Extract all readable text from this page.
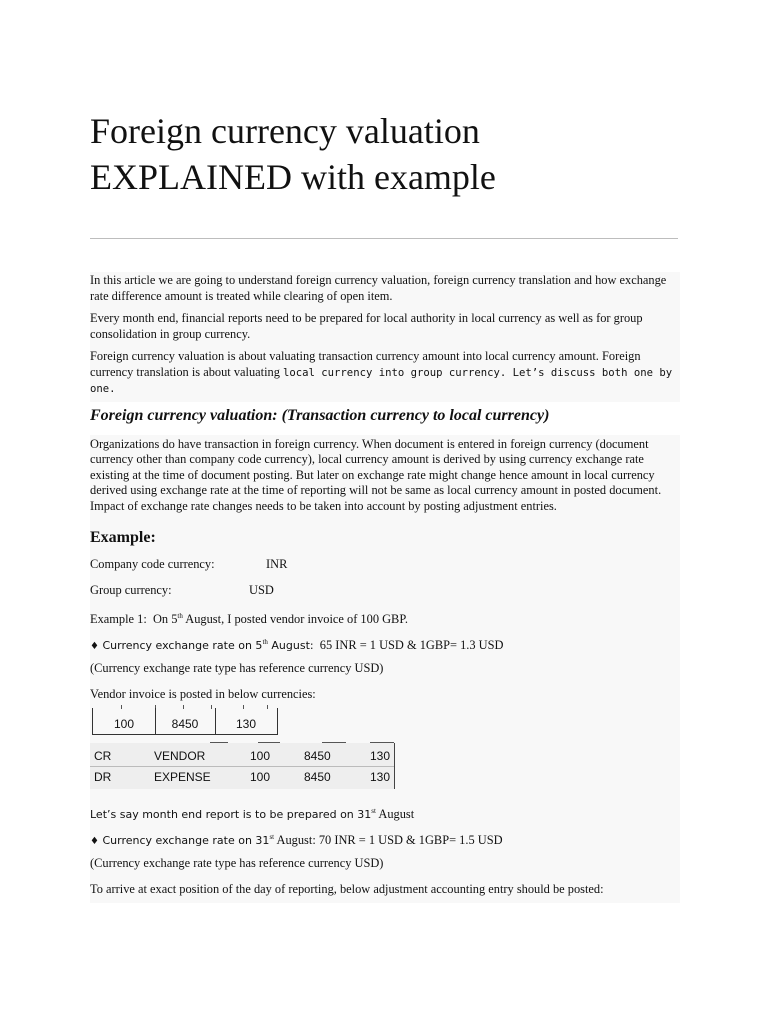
Foreign currency valuation
EXPLAINED with example

In this article we are going to understand foreign currency valuation, foreign currency translation and how exchange rate difference amount is treated while clearing of open item.

Every month end, financial reports need to be prepared for local authority in local currency as well as for group consolidation in group currency.

Foreign currency valuation is about valuating transaction currency amount into local currency amount. Foreign currency translation is about valuating local currency into group currency. Let’s discuss both one by one.

Foreign currency valuation: (Transaction currency to local currency)

Organizations do have transaction in foreign currency. When document is entered in foreign currency (document currency other than company code currency), local currency amount is derived by using currency exchange rate existing at the time of document posting. But later on exchange rate might change hence amount in local currency derived using exchange rate at the time of reporting will not be same as local currency amount in posted document. Impact of exchange rate changes needs to be taken into account by posting adjustment entries.

Example:

Company code currency:	INR

Group currency:	USD

Example 1:  On 5th August, I posted vendor invoice of 100 GBP.

♦ Currency exchange rate on 5th August:  65 INR = 1 USD & 1GBP= 1.3 USD

(Currency exchange rate type has reference currency USD)

Vendor invoice is posted in below currencies:

100	8450	130
CR	VENDOR	100	8450	130
DR	EXPENSE	100	8450	130

Let’s say month end report is to be prepared on 31st August

♦ Currency exchange rate on 31st August: 70 INR = 1 USD & 1GBP= 1.5 USD

(Currency exchange rate type has reference currency USD)

To arrive at exact position of the day of reporting, below adjustment accounting entry should be posted:
